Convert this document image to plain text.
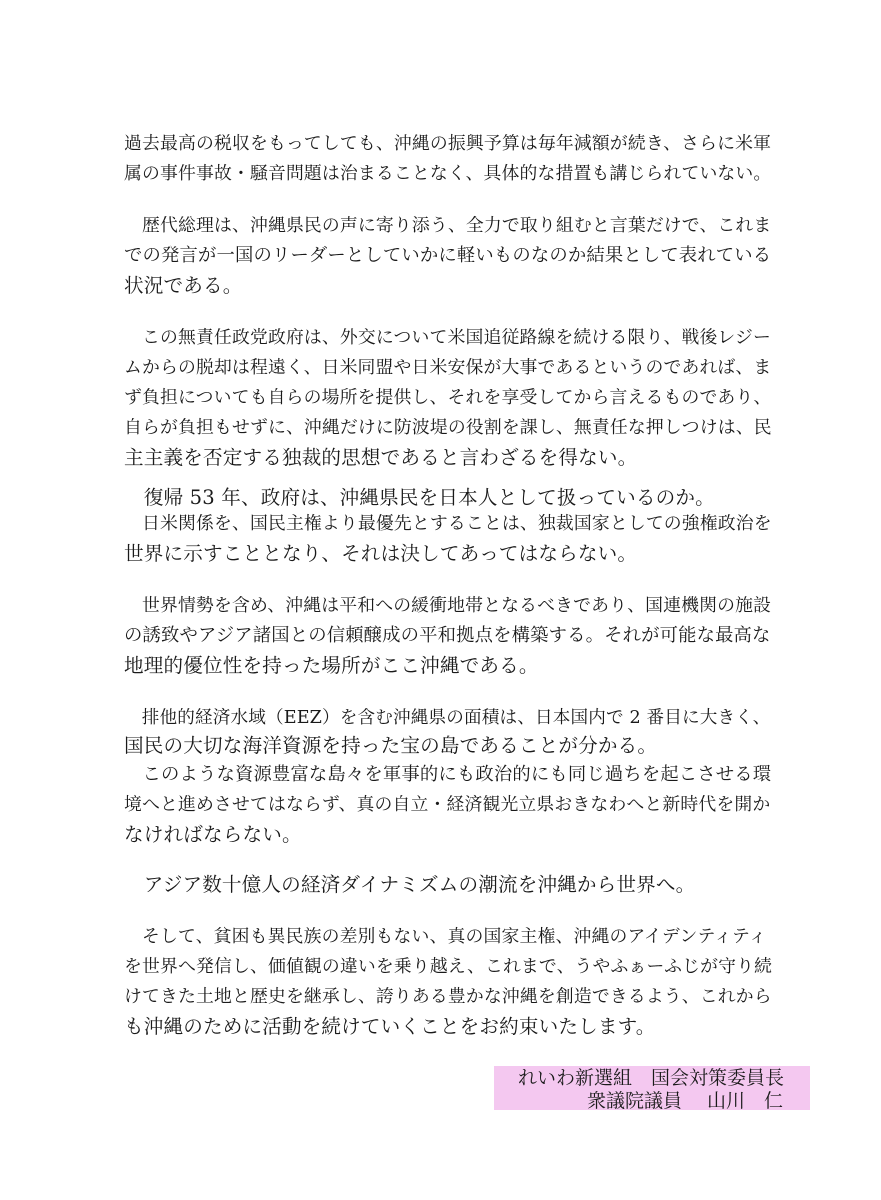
過去最高の税収をもってしても、沖縄の振興予算は毎年減額が続き、さらに米軍
属の事件事故・騒音問題は治まることなく、具体的な措置も講じられていない。
　歴代総理は、沖縄県民の声に寄り添う、全力で取り組むと言葉だけで、これま
での発言が一国のリーダーとしていかに軽いものなのか結果として表れている
状況である。
　この無責任政党政府は、外交について米国追従路線を続ける限り、戦後レジー
ムからの脱却は程遠く、日米同盟や日米安保が大事であるというのであれば、ま
ず負担についても自らの場所を提供し、それを享受してから言えるものであり、
自らが負担もせずに、沖縄だけに防波堤の役割を課し、無責任な押しつけは、民
主主義を否定する独裁的思想であると言わざるを得ない。
　復帰 53 年、政府は、沖縄県民を日本人として扱っているのか。
　日米関係を、国民主権より最優先とすることは、独裁国家としての強権政治を
世界に示すこととなり、それは決してあってはならない。
　世界情勢を含め、沖縄は平和への緩衝地帯となるべきであり、国連機関の施設
の誘致やアジア諸国との信頼醸成の平和拠点を構築する。それが可能な最高な
地理的優位性を持った場所がここ沖縄である。
　排他的経済水域（EEZ）を含む沖縄県の面積は、日本国内で 2 番目に大きく、
国民の大切な海洋資源を持った宝の島であることが分かる。
　このような資源豊富な島々を軍事的にも政治的にも同じ過ちを起こさせる環
境へと進めさせてはならず、真の自立・経済観光立県おきなわへと新時代を開か
なければならない。
　アジア数十億人の経済ダイナミズムの潮流を沖縄から世界へ。
　そして、貧困も異民族の差別もない、真の国家主権、沖縄のアイデンティティ
を世界へ発信し、価値観の違いを乗り越え、これまで、うやふぁーふじが守り続
けてきた土地と歴史を継承し、誇りある豊かな沖縄を創造できるよう、これから
も沖縄のために活動を続けていくことをお約束いたします。
れいわ新選組　国会対策委員長
衆議院議員　 山川　仁
